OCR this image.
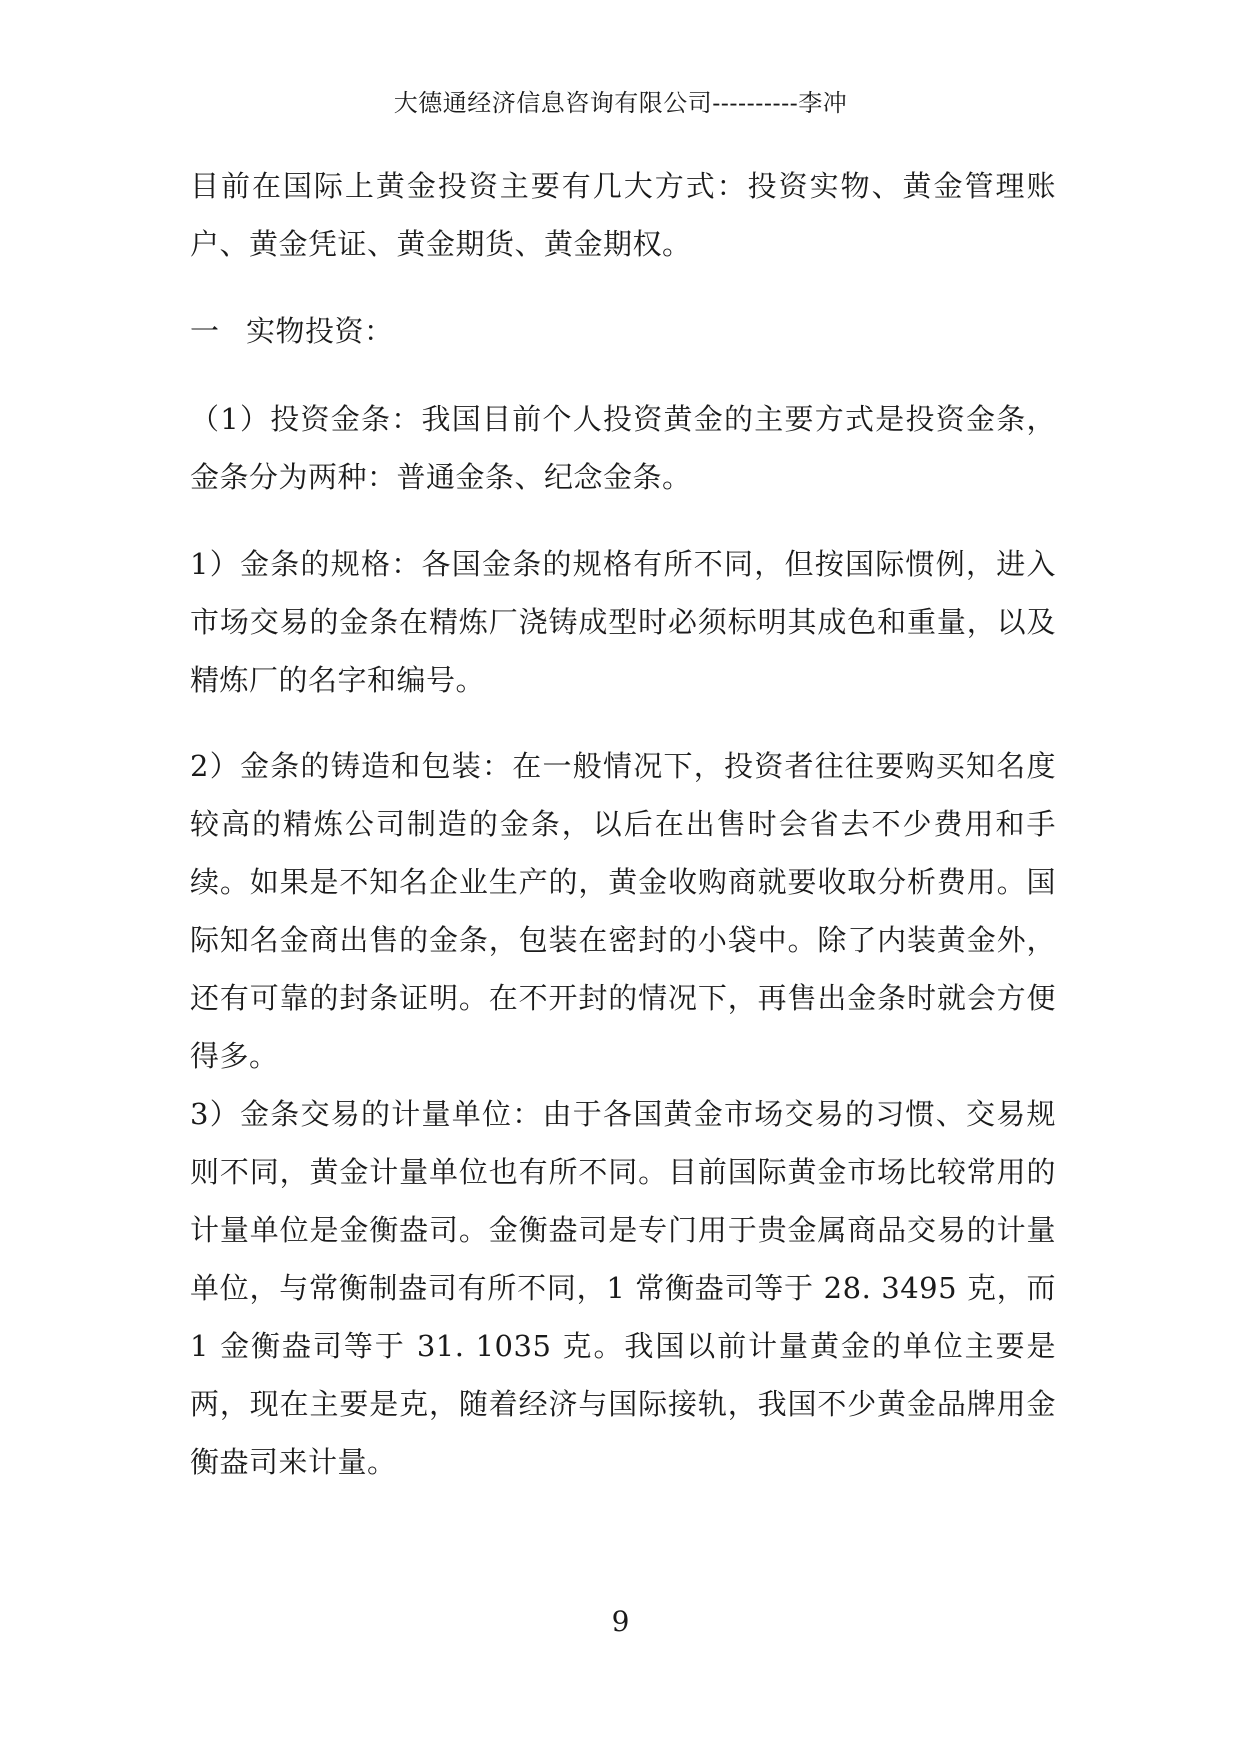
大德通经济信息咨询有限公司----------李冲

目前在国际上黄金投资主要有几大方式：投资实物、黄金管理账户、黄金凭证、黄金期货、黄金期权。

一 实物投资：

（1）投资金条：我国目前个人投资黄金的主要方式是投资金条，金条分为两种：普通金条、纪念金条。

1）金条的规格：各国金条的规格有所不同，但按国际惯例，进入市场交易的金条在精炼厂浇铸成型时必须标明其成色和重量，以及精炼厂的名字和编号。

2）金条的铸造和包装：在一般情况下，投资者往往要购买知名度较高的精炼公司制造的金条，以后在出售时会省去不少费用和手续。如果是不知名企业生产的，黄金收购商就要收取分析费用。国际知名金商出售的金条，包装在密封的小袋中。除了内装黄金外，还有可靠的封条证明。在不开封的情况下，再售出金条时就会方便得多。

3）金条交易的计量单位：由于各国黄金市场交易的习惯、交易规则不同，黄金计量单位也有所不同。目前国际黄金市场比较常用的计量单位是金衡盎司。金衡盎司是专门用于贵金属商品交易的计量单位，与常衡制盎司有所不同，1 常衡盎司等于 28. 3495 克，而 1 金衡盎司等于 31. 1035 克。我国以前计量黄金的单位主要是两，现在主要是克，随着经济与国际接轨，我国不少黄金品牌用金衡盎司来计量。

9
